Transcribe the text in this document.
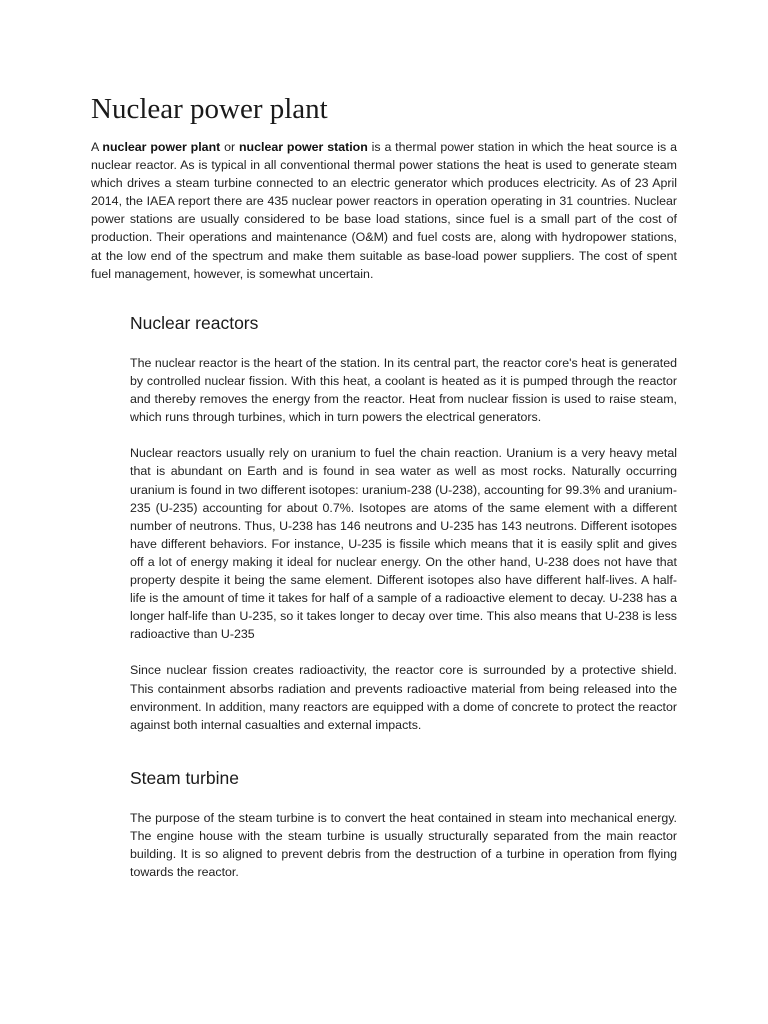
Nuclear power plant

A nuclear power plant or nuclear power station is a thermal power station in which the heat source is a nuclear reactor. As is typical in all conventional thermal power stations the heat is used to generate steam which drives a steam turbine connected to an electric generator which produces electricity. As of 23 April 2014, the IAEA report there are 435 nuclear power reactors in operation operating in 31 countries. Nuclear power stations are usually considered to be base load stations, since fuel is a small part of the cost of production. Their operations and maintenance (O&M) and fuel costs are, along with hydropower stations, at the low end of the spectrum and make them suitable as base-load power suppliers. The cost of spent fuel management, however, is somewhat uncertain.

Nuclear reactors

The nuclear reactor is the heart of the station. In its central part, the reactor core's heat is generated by controlled nuclear fission. With this heat, a coolant is heated as it is pumped through the reactor and thereby removes the energy from the reactor. Heat from nuclear fission is used to raise steam, which runs through turbines, which in turn powers the electrical generators.

Nuclear reactors usually rely on uranium to fuel the chain reaction. Uranium is a very heavy metal that is abundant on Earth and is found in sea water as well as most rocks. Naturally occurring uranium is found in two different isotopes: uranium-238 (U-238), accounting for 99.3% and uranium-235 (U-235) accounting for about 0.7%. Isotopes are atoms of the same element with a different number of neutrons. Thus, U-238 has 146 neutrons and U-235 has 143 neutrons. Different isotopes have different behaviors. For instance, U-235 is fissile which means that it is easily split and gives off a lot of energy making it ideal for nuclear energy. On the other hand, U-238 does not have that property despite it being the same element. Different isotopes also have different half-lives. A half-life is the amount of time it takes for half of a sample of a radioactive element to decay. U-238 has a longer half-life than U-235, so it takes longer to decay over time. This also means that U-238 is less radioactive than U-235

Since nuclear fission creates radioactivity, the reactor core is surrounded by a protective shield. This containment absorbs radiation and prevents radioactive material from being released into the environment. In addition, many reactors are equipped with a dome of concrete to protect the reactor against both internal casualties and external impacts.

Steam turbine

The purpose of the steam turbine is to convert the heat contained in steam into mechanical energy. The engine house with the steam turbine is usually structurally separated from the main reactor building. It is so aligned to prevent debris from the destruction of a turbine in operation from flying towards the reactor.
